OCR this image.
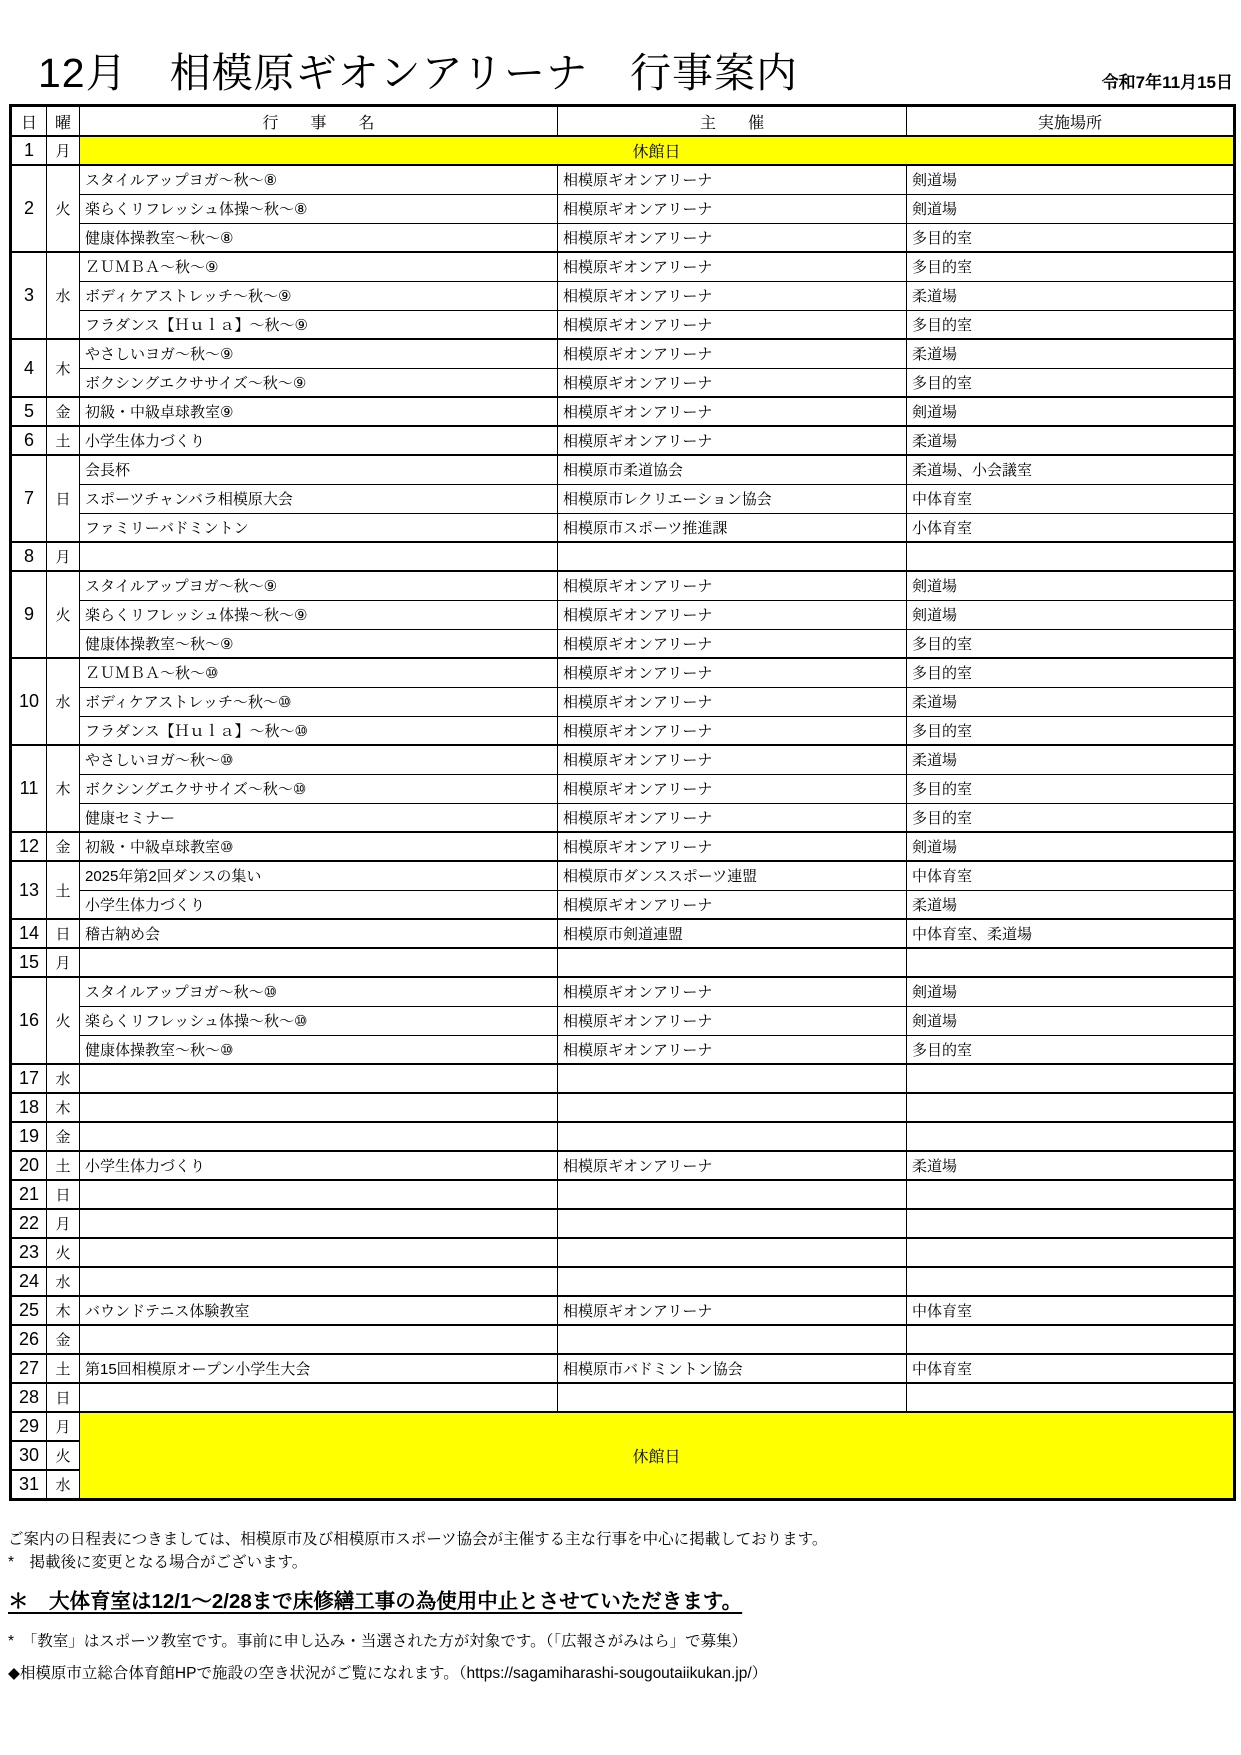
12月　相模原ギオンアリーナ　行事案内	令和7年11月15日
日	曜	行　　事　　名	主　　催	実施場所
1	月	休館日		
2	火	スタイルアップヨガ～秋～⑧	相模原ギオンアリーナ	剣道場
		楽らくリフレッシュ体操～秋～⑧	相模原ギオンアリーナ	剣道場
		健康体操教室～秋～⑧	相模原ギオンアリーナ	多目的室
3	水	ＺＵＭＢＡ～秋～⑨	相模原ギオンアリーナ	多目的室
		ボディケアストレッチ～秋～⑨	相模原ギオンアリーナ	柔道場
		フラダンス【Ｈｕｌａ】～秋～⑨	相模原ギオンアリーナ	多目的室
4	木	やさしいヨガ～秋～⑨	相模原ギオンアリーナ	柔道場
		ボクシングエクササイズ～秋～⑨	相模原ギオンアリーナ	多目的室
5	金	初級・中級卓球教室⑨	相模原ギオンアリーナ	剣道場
6	土	小学生体力づくり	相模原ギオンアリーナ	柔道場
7	日	会長杯	相模原市柔道協会	柔道場、小会議室
		スポーツチャンバラ相模原大会	相模原市レクリエーション協会	中体育室
		ファミリーバドミントン	相模原市スポーツ推進課	小体育室
8	月			
9	火	スタイルアップヨガ～秋～⑨	相模原ギオンアリーナ	剣道場
		楽らくリフレッシュ体操～秋～⑨	相模原ギオンアリーナ	剣道場
		健康体操教室～秋～⑨	相模原ギオンアリーナ	多目的室
10	水	ＺＵＭＢＡ～秋～⑩	相模原ギオンアリーナ	多目的室
		ボディケアストレッチ～秋～⑩	相模原ギオンアリーナ	柔道場
		フラダンス【Ｈｕｌａ】～秋～⑩	相模原ギオンアリーナ	多目的室
11	木	やさしいヨガ～秋～⑩	相模原ギオンアリーナ	柔道場
		ボクシングエクササイズ～秋～⑩	相模原ギオンアリーナ	多目的室
		健康セミナー	相模原ギオンアリーナ	多目的室
12	金	初級・中級卓球教室⑩	相模原ギオンアリーナ	剣道場
13	土	2025年第2回ダンスの集い	相模原市ダンススポーツ連盟	中体育室
		小学生体力づくり	相模原ギオンアリーナ	柔道場
14	日	稽古納め会	相模原市剣道連盟	中体育室、柔道場
15	月			
16	火	スタイルアップヨガ～秋～⑩	相模原ギオンアリーナ	剣道場
		楽らくリフレッシュ体操～秋～⑩	相模原ギオンアリーナ	剣道場
		健康体操教室～秋～⑩	相模原ギオンアリーナ	多目的室
17	水			
18	木			
19	金			
20	土	小学生体力づくり	相模原ギオンアリーナ	柔道場
21	日			
22	月			
23	火			
24	水			
25	木	バウンドテニス体験教室	相模原ギオンアリーナ	中体育室
26	金			
27	土	第15回相模原オープン小学生大会	相模原市バドミントン協会	中体育室
28	日			
29	月	休館日		
30	火			
31	水			
ご案内の日程表につきましては、相模原市及び相模原市スポーツ協会が主催する主な行事を中心に掲載しております。
*　掲載後に変更となる場合がございます。
＊　大体育室は12/1～2/28まで床修繕工事の為使用中止とさせていただきます。
*　「教室」はスポーツ教室です。事前に申し込み・当選された方が対象です。（「広報さがみはら」で募集）
◆相模原市立総合体育館HPで施設の空き状況がご覧になれます。（https://sagamiharashi-sougoutaiikukan.jp/）
